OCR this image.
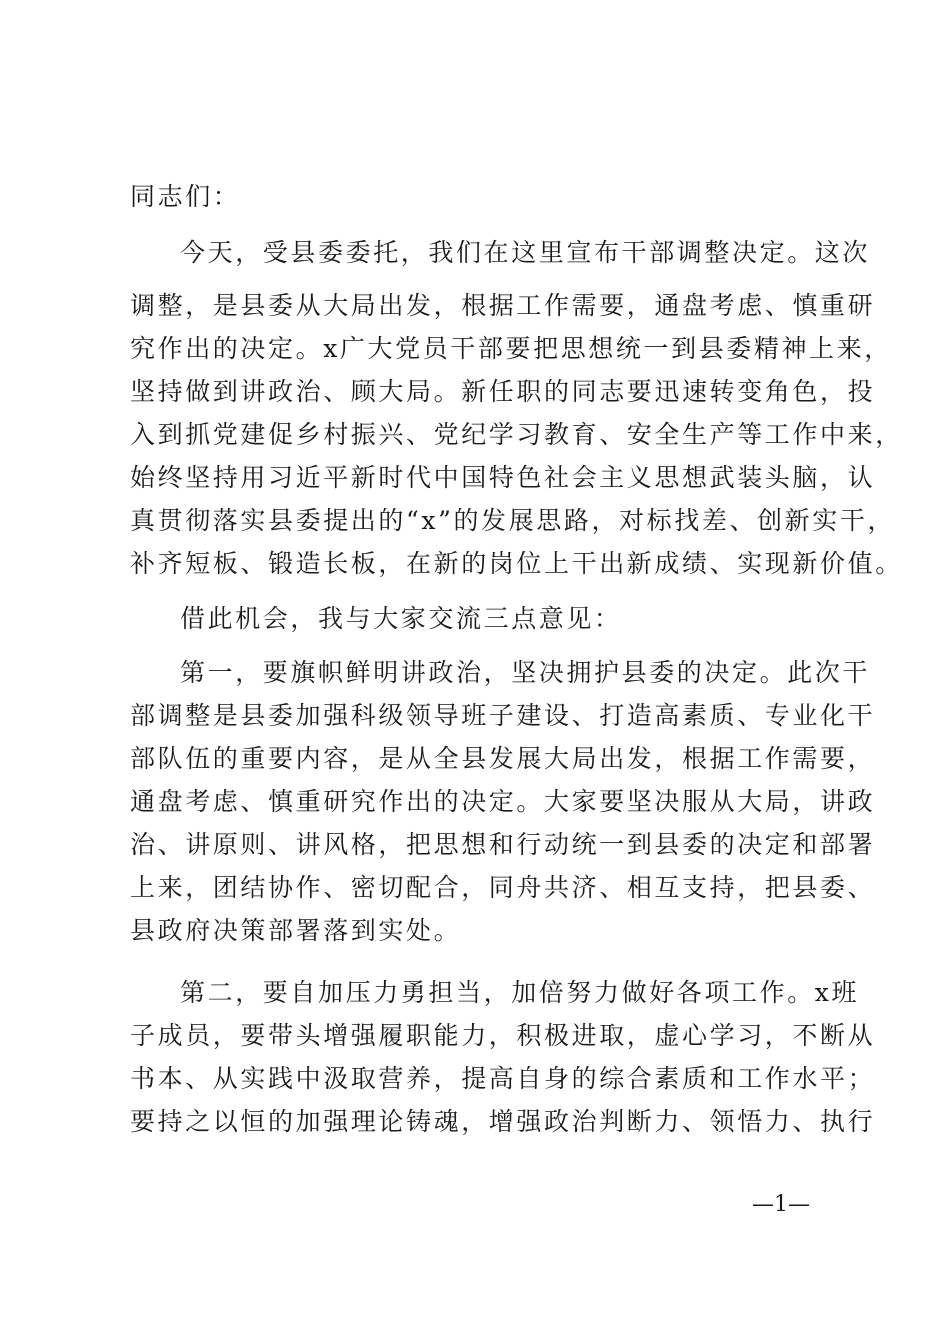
同志们：
今天，受县委委托，我们在这里宣布干部调整决定。这次
调整，是县委从大局出发，根据工作需要，通盘考虑、慎重研
究作出的决定。x广大党员干部要把思想统一到县委精神上来，
坚持做到讲政治、顾大局。新任职的同志要迅速转变角色，投
入到抓党建促乡村振兴、党纪学习教育、安全生产等工作中来，
始终坚持用习近平新时代中国特色社会主义思想武装头脑，认
真贯彻落实县委提出的“x”的发展思路，对标找差、创新实干，
补齐短板、锻造长板，在新的岗位上干出新成绩、实现新价值。
借此机会，我与大家交流三点意见：
第一，要旗帜鲜明讲政治，坚决拥护县委的决定。此次干
部调整是县委加强科级领导班子建设、打造高素质、专业化干
部队伍的重要内容，是从全县发展大局出发，根据工作需要，
通盘考虑、慎重研究作出的决定。大家要坚决服从大局，讲政
治、讲原则、讲风格，把思想和行动统一到县委的决定和部署
上来，团结协作、密切配合，同舟共济、相互支持，把县委、
县政府决策部署落到实处。
第二，要自加压力勇担当，加倍努力做好各项工作。x班
子成员，要带头增强履职能力，积极进取，虚心学习，不断从
书本、从实践中汲取营养，提高自身的综合素质和工作水平；
要持之以恒的加强理论铸魂，增强政治判断力、领悟力、执行
—1—
